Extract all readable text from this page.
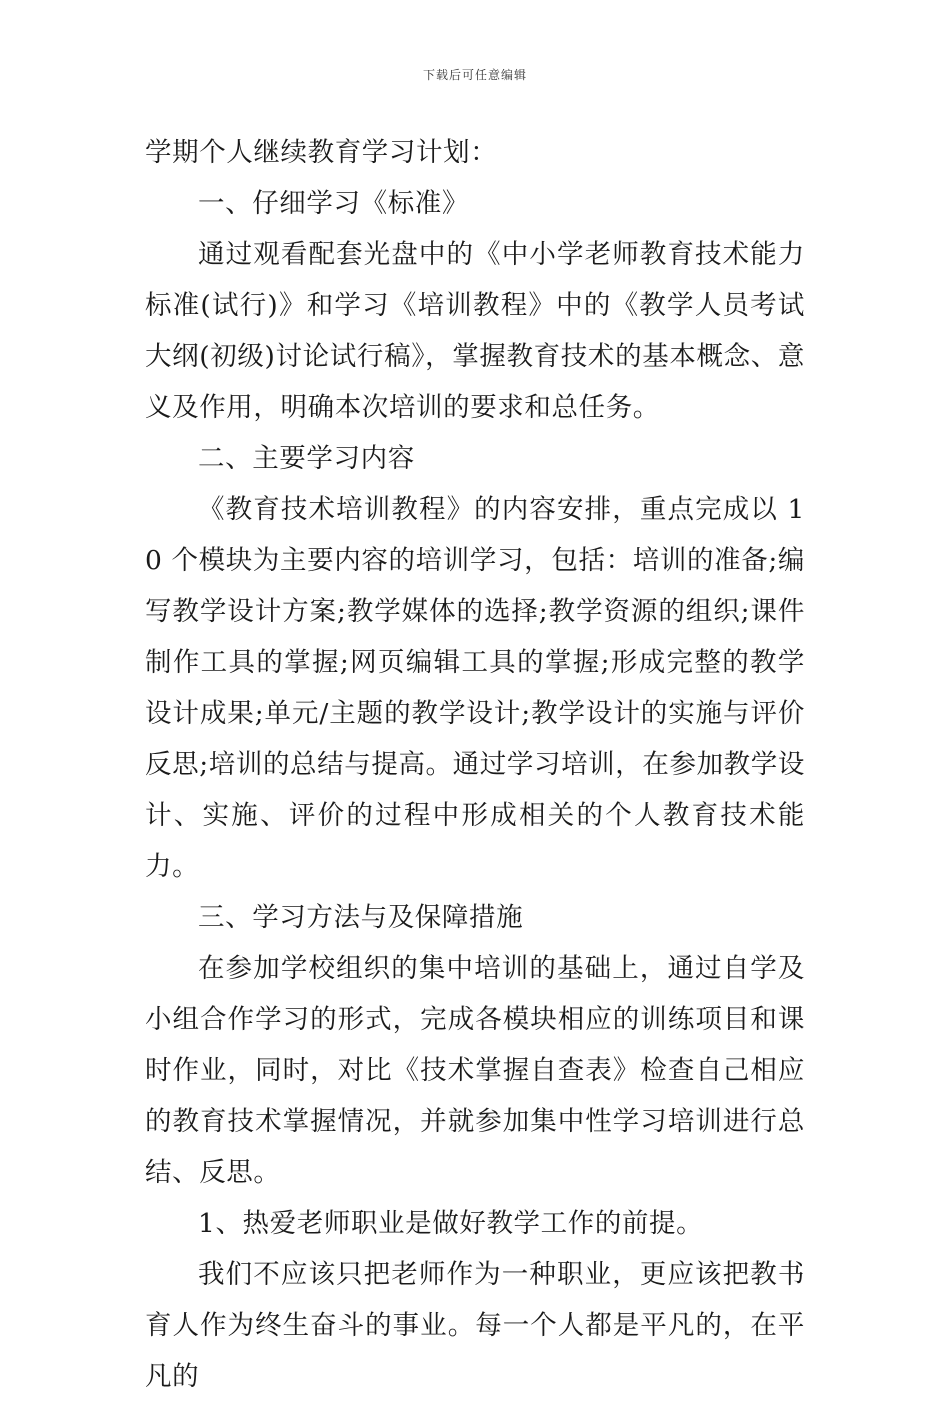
下载后可任意编辑

学期个人继续教育学习计划：

一、仔细学习《标准》

通过观看配套光盘中的《中小学老师教育技术能力标准(试行)》和学习《培训教程》中的《教学人员考试大纲(初级)讨论试行稿》，掌握教育技术的基本概念、意义及作用，明确本次培训的要求和总任务。

二、主要学习内容

《教育技术培训教程》的内容安排，重点完成以 10 个模块为主要内容的培训学习，包括：培训的准备;编写教学设计方案;教学媒体的选择;教学资源的组织;课件制作工具的掌握;网页编辑工具的掌握;形成完整的教学设计成果;单元/主题的教学设计;教学设计的实施与评价反思;培训的总结与提高。通过学习培训，在参加教学设计、实施、评价的过程中形成相关的个人教育技术能力。

三、学习方法与及保障措施

在参加学校组织的集中培训的基础上，通过自学及小组合作学习的形式，完成各模块相应的训练项目和课时作业，同时，对比《技术掌握自查表》检查自己相应的教育技术掌握情况，并就参加集中性学习培训进行总结、反思。

1、热爱老师职业是做好教学工作的前提。

我们不应该只把老师作为一种职业，更应该把教书育人作为终生奋斗的事业。每一个人都是平凡的，在平凡的
